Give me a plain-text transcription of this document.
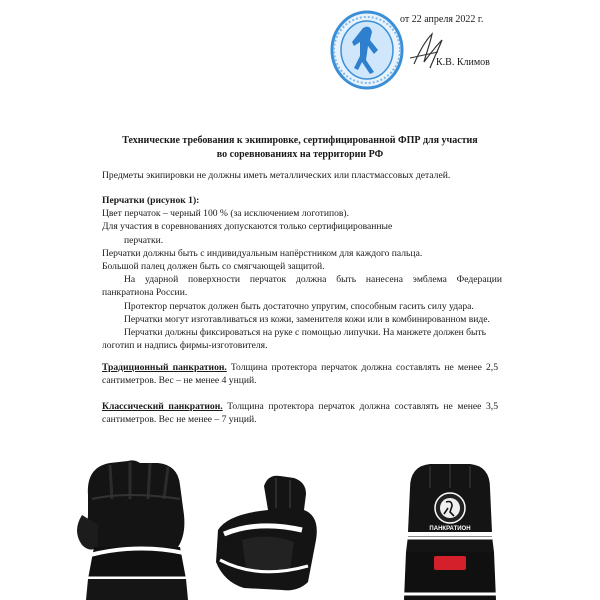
от 22 апреля 2022 г.
К.В. Климов
Технические требования к экипировке, сертифицированной ФПР для участия
во соревнованиях на территории РФ
Предметы экипировки не должны иметь металлических или пластмассовых деталей.
Перчатки (рисунок 1):
Цвет перчаток – черный 100 % (за исключением логотипов).
Для участия в соревнованиях допускаются только сертифицированные
перчатки.
Перчатки должны быть с индивидуальным напёрстником для каждого пальца.
Большой палец должен быть со смягчающей защитой.
На ударной поверхности перчаток должна быть нанесена эмблема Федерации
панкратиона России.
Протектор перчаток должен быть достаточно упругим, способным гасить силу удара.
Перчатки могут изготавливаться из кожи, заменителя кожи или в комбинированном виде.
Перчатки должны фиксироваться на руке с помощью липучки. На манжете должен быть
логотип и надпись фирмы-изготовителя.
Традиционный панкратион. Толщина протектора перчаток должна составлять не менее 2,5 сантиметров. Вес – не менее 4 унций.
Классический панкратион. Толщина протектора перчаток должна составлять не менее 3,5 сантиметров. Вес не менее – 7 унций.
ПАНКРАТИОН
